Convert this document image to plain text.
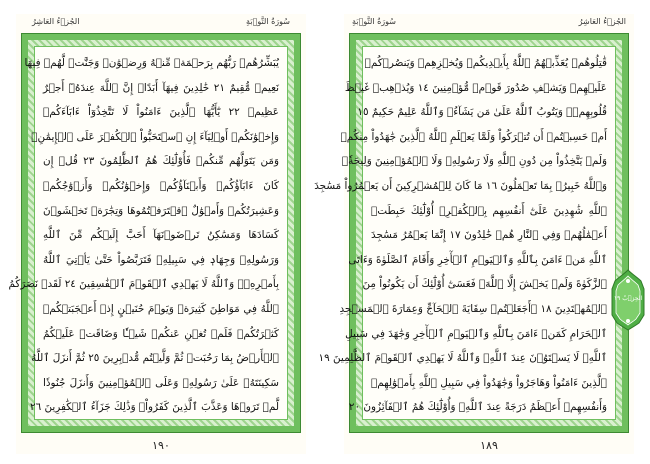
الجُزۡءُ العَاشِرُ	سُورَةُ التَّوۡبَةِ
يُبَشِّرُهُمۡ رَبُّهُم بِرَحۡمَةٖ مِّنۡهُ وَرِضۡوَٰنٖ وَجَنَّٰتٖ لَّهُمۡ فِيهَا
نَعِيمٞ مُّقِيمٌ ٢١ خَٰلِدِينَ فِيهَآ أَبَدًاۚ إِنَّ ٱللَّهَ عِندَهُۥٓ أَجۡرٌ
عَظِيمٞ ٢٢ يَٰٓأَيُّهَا ٱلَّذِينَ ءَامَنُواْ لَا تَتَّخِذُوٓاْ ءَابَآءَكُمۡ
وَإِخۡوَٰنَكُمۡ أَوۡلِيَآءَ إِنِ ٱسۡتَحَبُّواْ ٱلۡكُفۡرَ عَلَى ٱلۡإِيمَٰنِۚ
وَمَن يَتَوَلَّهُم مِّنكُمۡ فَأُوْلَٰٓئِكَ هُمُ ٱلظَّٰلِمُونَ ٢٣ قُلۡ إِن
كَانَ ءَابَآؤُكُمۡ وَأَبۡنَآؤُكُمۡ وَإِخۡوَٰنُكُمۡ وَأَزۡوَٰجُكُمۡ
وَعَشِيرَتُكُمۡ وَأَمۡوَٰلٌ ٱقۡتَرَفۡتُمُوهَا وَتِجَٰرَةٞ تَخۡشَوۡنَ
كَسَادَهَا وَمَسَٰكِنُ تَرۡضَوۡنَهَآ أَحَبَّ إِلَيۡكُم مِّنَ ٱللَّهِ
وَرَسُولِهِۦ وَجِهَادٖ فِي سَبِيلِهِۦ فَتَرَبَّصُواْ حَتَّىٰ يَأۡتِيَ ٱللَّهُ
بِأَمۡرِهِۦۗ وَٱللَّهُ لَا يَهۡدِي ٱلۡقَوۡمَ ٱلۡفَٰسِقِينَ ٢٤ لَقَدۡ نَصَرَكُمُ
ٱللَّهُ فِي مَوَاطِنَ كَثِيرَةٖ وَيَوۡمَ حُنَيۡنٍ إِذۡ أَعۡجَبَتۡكُمۡ
كَثۡرَتُكُمۡ فَلَمۡ تُغۡنِ عَنكُمۡ شَيۡـٔٗا وَضَاقَتۡ عَلَيۡكُمُ
ٱلۡأَرۡضُ بِمَا رَحُبَتۡ ثُمَّ وَلَّيۡتُم مُّدۡبِرِينَ ٢٥ ثُمَّ أَنزَلَ ٱللَّهُ
سَكِينَتَهُۥ عَلَىٰ رَسُولِهِۦ وَعَلَى ٱلۡمُؤۡمِنِينَ وَأَنزَلَ جُنُودٗا
لَّمۡ تَرَوۡهَا وَعَذَّبَ ٱلَّذِينَ كَفَرُواْۚ وَذَٰلِكَ جَزَآءُ ٱلۡكَٰفِرِينَ ٢٦
١٩٠
سُورَةُ التَّوۡبَةِ	الجُزۡءُ العَاشِرُ
قَٰتِلُوهُمۡ يُعَذِّبۡهُمُ ٱللَّهُ بِأَيۡدِيكُمۡ وَيُخۡزِهِمۡ وَيَنصُرۡكُمۡ
عَلَيۡهِمۡ وَيَشۡفِ صُدُورَ قَوۡمٖ مُّؤۡمِنِينَ ١٤ وَيُذۡهِبۡ غَيۡظَ
قُلُوبِهِمۡۗ وَيَتُوبُ ٱللَّهُ عَلَىٰ مَن يَشَآءُۗ وَٱللَّهُ عَلِيمٌ حَكِيمٌ ١٥
أَمۡ حَسِبۡتُمۡ أَن تُتۡرَكُواْ وَلَمَّا يَعۡلَمِ ٱللَّهُ ٱلَّذِينَ جَٰهَدُواْ مِنكُمۡ
وَلَمۡ يَتَّخِذُواْ مِن دُونِ ٱللَّهِ وَلَا رَسُولِهِۦ وَلَا ٱلۡمُؤۡمِنِينَ وَلِيجَةٗۚ
وَٱللَّهُ خَبِيرُۢ بِمَا تَعۡمَلُونَ ١٦ مَا كَانَ لِلۡمُشۡرِكِينَ أَن يَعۡمُرُواْ مَسَٰجِدَ
ٱللَّهِ شَٰهِدِينَ عَلَىٰٓ أَنفُسِهِم بِٱلۡكُفۡرِۚ أُوْلَٰٓئِكَ حَبِطَتۡ
أَعۡمَٰلُهُمۡ وَفِي ٱلنَّارِ هُمۡ خَٰلِدُونَ ١٧ إِنَّمَا يَعۡمُرُ مَسَٰجِدَ
ٱللَّهِ مَنۡ ءَامَنَ بِٱللَّهِ وَٱلۡيَوۡمِ ٱلۡأٓخِرِ وَأَقَامَ ٱلصَّلَوٰةَ وَءَاتَى
ٱلزَّكَوٰةَ وَلَمۡ يَخۡشَ إِلَّا ٱللَّهَۖ فَعَسَىٰٓ أُوْلَٰٓئِكَ أَن يَكُونُواْ مِنَ
ٱلۡمُهۡتَدِينَ ١٨ ۞أَجَعَلۡتُمۡ سِقَايَةَ ٱلۡحَآجِّ وَعِمَارَةَ ٱلۡمَسۡجِدِ
ٱلۡحَرَامِ كَمَنۡ ءَامَنَ بِٱللَّهِ وَٱلۡيَوۡمِ ٱلۡأٓخِرِ وَجَٰهَدَ فِي سَبِيلِ
ٱللَّهِۚ لَا يَسۡتَوُۥنَ عِندَ ٱللَّهِۗ وَٱللَّهُ لَا يَهۡدِي ٱلۡقَوۡمَ ٱلظَّٰلِمِينَ ١٩
ٱلَّذِينَ ءَامَنُواْ وَهَاجَرُواْ وَجَٰهَدُواْ فِي سَبِيلِ ٱللَّهِ بِأَمۡوَٰلِهِمۡ
وَأَنفُسِهِمۡ أَعۡظَمُ دَرَجَةً عِندَ ٱللَّهِۚ وَأُوْلَٰٓئِكَ هُمُ ٱلۡفَآئِزُونَ ٢٠
١٨٩
الحِزۡبُ ١٩
